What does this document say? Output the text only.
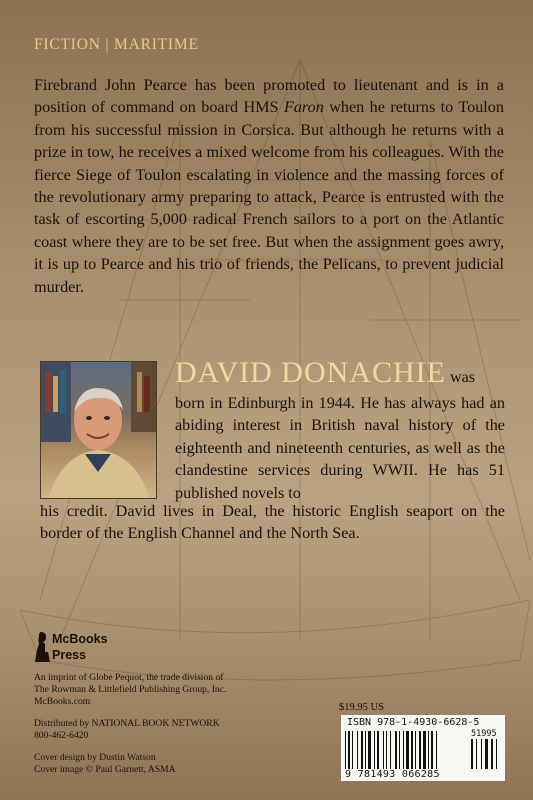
FICTION | MARITIME
Firebrand John Pearce has been promoted to lieutenant and is in a position of command on board HMS Faron when he returns to Toulon from his successful mission in Corsica. But although he returns with a prize in tow, he receives a mixed welcome from his colleagues. With the fierce Siege of Toulon escalating in violence and the massing forces of the revolutionary army preparing to attack, Pearce is entrusted with the task of escorting 5,000 radical French sailors to a port on the Atlantic coast where they are to be set free. But when the assignment goes awry, it is up to Pearce and his trio of friends, the Pelicans, to prevent judicial murder.
DAVID DONACHIE was
born in Edinburgh in 1944. He has always had an abiding interest in British naval history of the eighteenth and nineteenth centuries, as well as the clandestine services during WWII. He has 51 published novels to
his credit. David lives in Deal, the historic English seaport on the border of the English Channel and the North Sea.
McBooks
Press
An imprint of Globe Pequot, the trade division of
The Rowman & Littlefield Publishing Group, Inc.
McBooks.com
Distributed by NATIONAL BOOK NETWORK
800-462-6420
Cover design by Dustin Watson
Cover image © Paul Garnett, ASMA
$19.95 US
ISBN 978-1-4930-6628-5
51995
9 781493 066285
